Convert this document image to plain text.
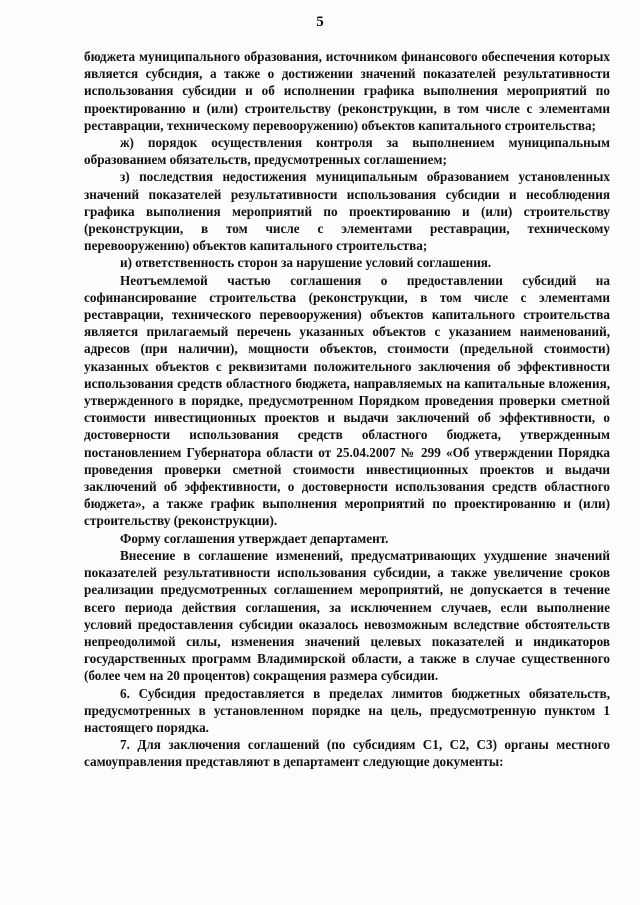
5

бюджета муниципального образования, источником финансового обеспечения которых является субсидия, а также о достижении значений показателей результативности использования субсидии и об исполнении графика выполнения мероприятий по проектированию и (или) строительству (реконструкции, в том числе с элементами реставрации, техническому перевооружению) объектов капитального строительства;

ж) порядок осуществления контроля за выполнением муниципальным образованием обязательств, предусмотренных соглашением;

з) последствия недостижения муниципальным образованием установленных значений показателей результативности использования субсидии и несоблюдения графика выполнения мероприятий по проектированию и (или) строительству (реконструкции, в том числе с элементами реставрации, техническому перевооружению) объектов капитального строительства;

и) ответственность сторон за нарушение условий соглашения.

Неотъемлемой частью соглашения о предоставлении субсидий на софинансирование строительства (реконструкции, в том числе с элементами реставрации, технического перевооружения) объектов капитального строительства является прилагаемый перечень указанных объектов с указанием наименований, адресов (при наличии), мощности объектов, стоимости (предельной стоимости) указанных объектов с реквизитами положительного заключения об эффективности использования средств областного бюджета, направляемых на капитальные вложения, утвержденного в порядке, предусмотренном Порядком проведения проверки сметной стоимости инвестиционных проектов и выдачи заключений об эффективности, о достоверности использования средств областного бюджета, утвержденным постановлением Губернатора области от 25.04.2007 № 299 «Об утверждении Порядка проведения проверки сметной стоимости инвестиционных проектов и выдачи заключений об эффективности, о достоверности использования средств областного бюджета», а также график выполнения мероприятий по проектированию и (или) строительству (реконструкции).

Форму соглашения утверждает департамент.

Внесение в соглашение изменений, предусматривающих ухудшение значений показателей результативности использования субсидии, а также увеличение сроков реализации предусмотренных соглашением мероприятий, не допускается в течение всего периода действия соглашения, за исключением случаев, если выполнение условий предоставления субсидии оказалось невозможным вследствие обстоятельств непреодолимой силы, изменения значений целевых показателей и индикаторов государственных программ Владимирской области, а также в случае существенного (более чем на 20 процентов) сокращения размера субсидии.

6. Субсидия предоставляется в пределах лимитов бюджетных обязательств, предусмотренных в установленном порядке на цель, предусмотренную пунктом 1 настоящего порядка.

7. Для заключения соглашений (по субсидиям С1, С2, С3) органы местного самоуправления представляют в департамент следующие документы:
